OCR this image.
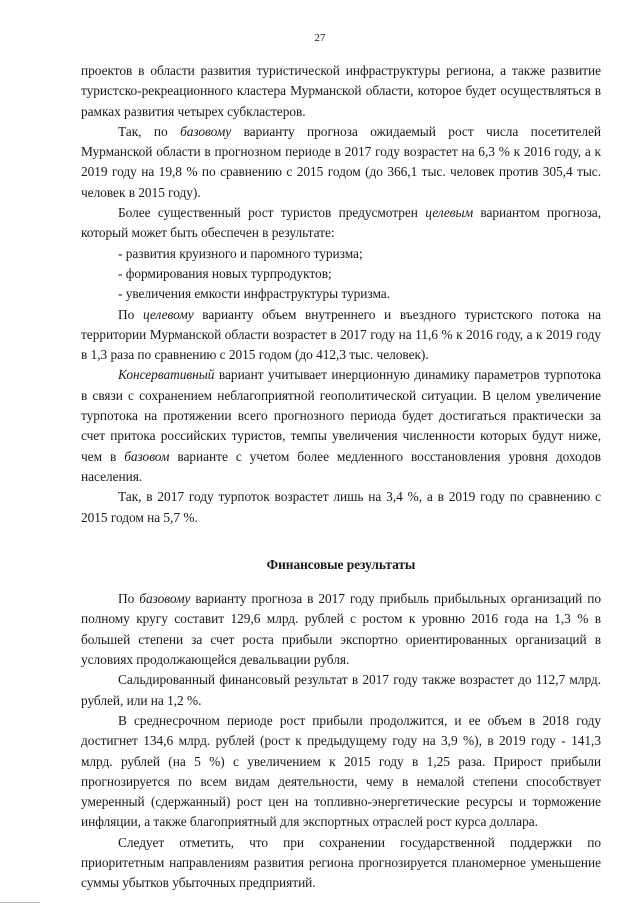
27

проектов в области развития туристической инфраструктуры региона, а также развитие туристско-рекреационного кластера Мурманской области, которое будет осуществляться в рамках развития четырех субкластеров.

Так, по базовому варианту прогноза ожидаемый рост числа посетителей Мурманской области в прогнозном периоде в 2017 году возрастет на 6,3 % к 2016 году, а к 2019 году на 19,8 % по сравнению с 2015 годом (до 366,1 тыс. человек против 305,4 тыс. человек в 2015 году).

Более существенный рост туристов предусмотрен целевым вариантом прогноза, который может быть обеспечен в результате:

- развития круизного и паромного туризма;

- формирования новых турпродуктов;

- увеличения емкости инфраструктуры туризма.

По целевому варианту объем внутреннего и въездного туристского потока на территории Мурманской области возрастет в 2017 году на 11,6 % к 2016 году, а к 2019 году в 1,3 раза по сравнению с 2015 годом (до 412,3 тыс. человек).

Консервативный вариант учитывает инерционную динамику параметров турпотока в связи с сохранением неблагоприятной геополитической ситуации. В целом увеличение турпотока на протяжении всего прогнозного периода будет достигаться практически за счет притока российских туристов, темпы увеличения численности которых будут ниже, чем в базовом варианте с учетом более медленного восстановления уровня доходов населения.

Так, в 2017 году турпоток возрастет лишь на 3,4 %, а в 2019 году по сравнению с 2015 годом на 5,7 %.

Финансовые результаты

По базовому варианту прогноза в 2017 году прибыль прибыльных организаций по полному кругу составит 129,6 млрд. рублей с ростом к уровню 2016 года на 1,3 % в большей степени за счет роста прибыли экспортно ориентированных организаций в условиях продолжающейся девальвации рубля.

Сальдированный финансовый результат в 2017 году также возрастет до 112,7 млрд. рублей, или на 1,2 %.

В среднесрочном периоде рост прибыли продолжится, и ее объем в 2018 году достигнет 134,6 млрд. рублей (рост к предыдущему году на 3,9 %), в 2019 году - 141,3 млрд. рублей (на 5 %) с увеличением к 2015 году в 1,25 раза. Прирост прибыли прогнозируется по всем видам деятельности, чему в немалой степени способствует умеренный (сдержанный) рост цен на топливно-энергетические ресурсы и торможение инфляции, а также благоприятный для экспортных отраслей рост курса доллара.

Следует отметить, что при сохранении государственной поддержки по приоритетным направлениям развития региона прогнозируется планомерное уменьшение суммы убытков убыточных предприятий.
